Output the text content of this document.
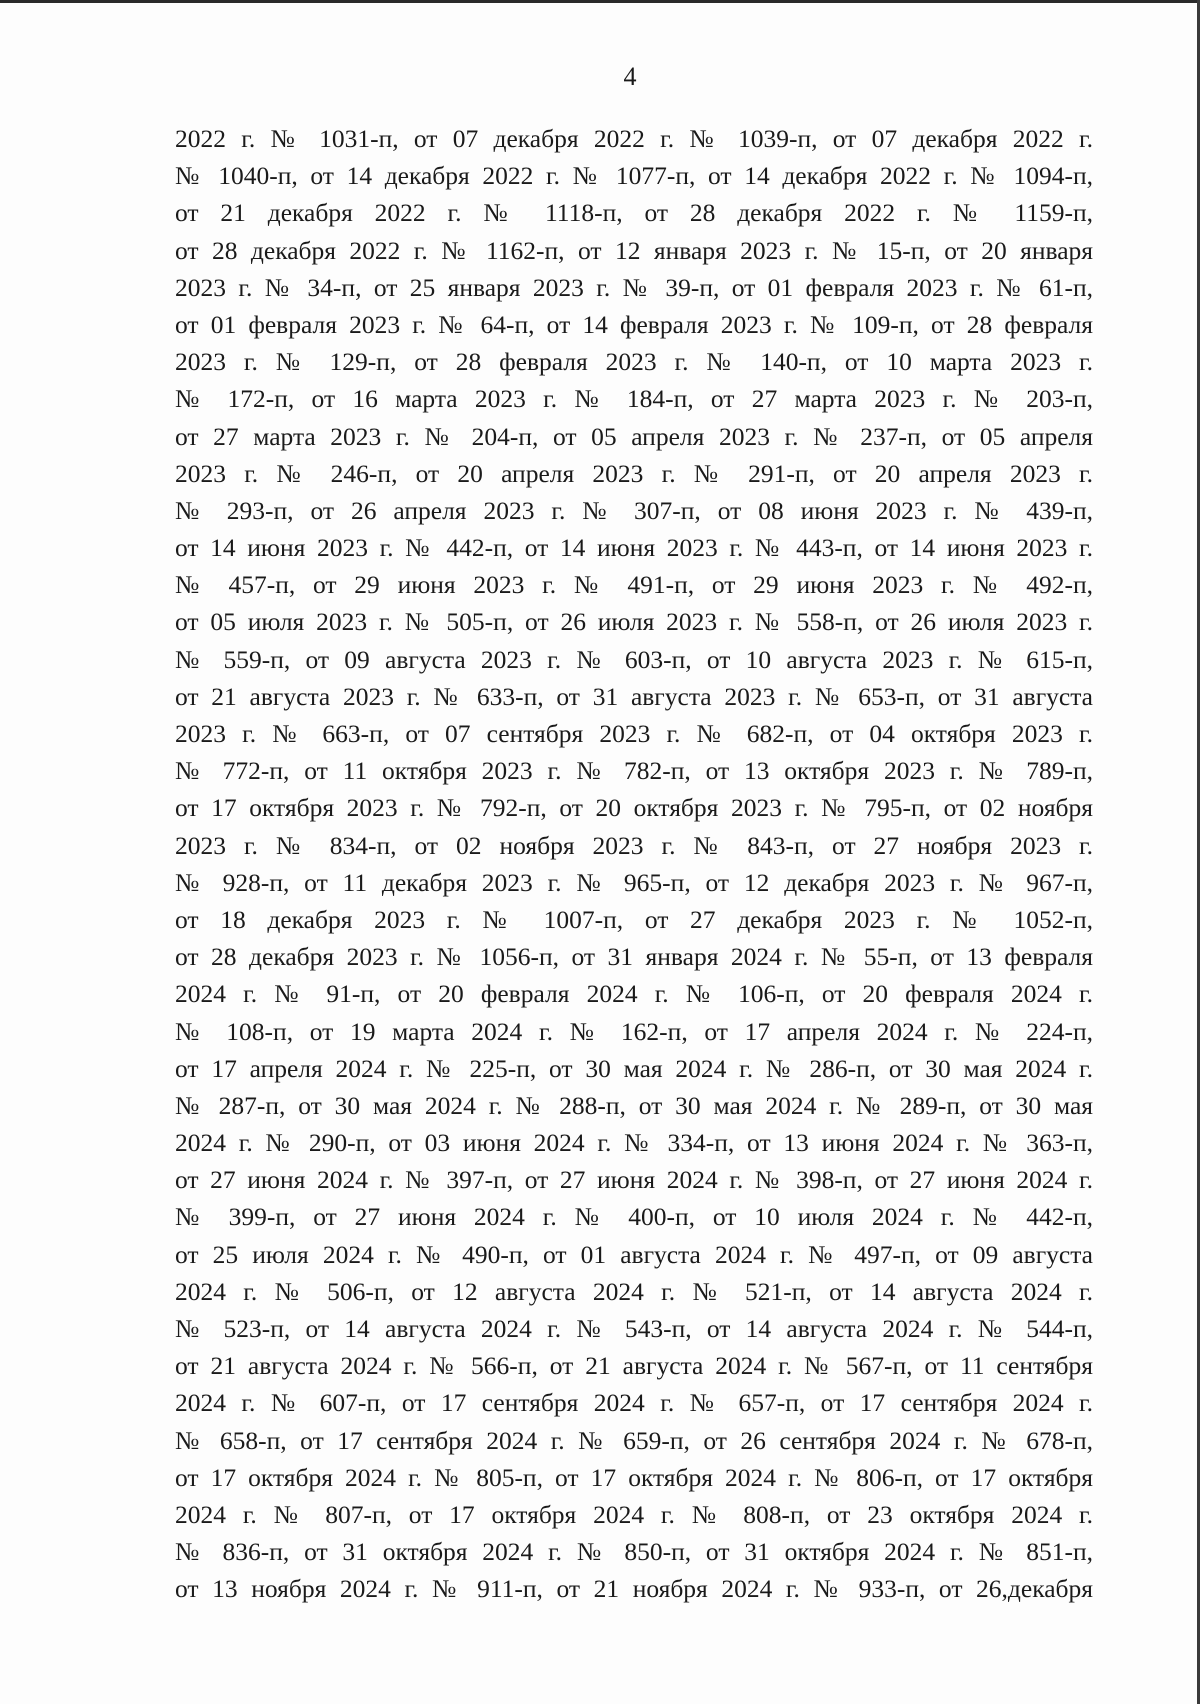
4
2022 г. № 1031-п, от 07 декабря 2022 г. № 1039-п, от 07 декабря 2022 г.
№ 1040-п, от 14 декабря 2022 г. № 1077-п, от 14 декабря 2022 г. № 1094-п,
от 21 декабря 2022 г. № 1118-п, от 28 декабря 2022 г. № 1159-п,
от 28 декабря 2022 г. № 1162-п, от 12 января 2023 г. № 15-п, от 20 января
2023 г. № 34-п, от 25 января 2023 г. № 39-п, от 01 февраля 2023 г. № 61-п,
от 01 февраля 2023 г. № 64-п, от 14 февраля 2023 г. № 109-п, от 28 февраля
2023 г. № 129-п, от 28 февраля 2023 г. № 140-п, от 10 марта 2023 г.
№ 172-п, от 16 марта 2023 г. № 184-п, от 27 марта 2023 г. № 203-п,
от 27 марта 2023 г. № 204-п, от 05 апреля 2023 г. № 237-п, от 05 апреля
2023 г. № 246-п, от 20 апреля 2023 г. № 291-п, от 20 апреля 2023 г.
№ 293-п, от 26 апреля 2023 г. № 307-п, от 08 июня 2023 г. № 439-п,
от 14 июня 2023 г. № 442-п, от 14 июня 2023 г. № 443-п, от 14 июня 2023 г.
№ 457-п, от 29 июня 2023 г. № 491-п, от 29 июня 2023 г. № 492-п,
от 05 июля 2023 г. № 505-п, от 26 июля 2023 г. № 558-п, от 26 июля 2023 г.
№ 559-п, от 09 августа 2023 г. № 603-п, от 10 августа 2023 г. № 615-п,
от 21 августа 2023 г. № 633-п, от 31 августа 2023 г. № 653-п, от 31 августа
2023 г. № 663-п, от 07 сентября 2023 г. № 682-п, от 04 октября 2023 г.
№ 772-п, от 11 октября 2023 г. № 782-п, от 13 октября 2023 г. № 789-п,
от 17 октября 2023 г. № 792-п, от 20 октября 2023 г. № 795-п, от 02 ноября
2023 г. № 834-п, от 02 ноября 2023 г. № 843-п, от 27 ноября 2023 г.
№ 928-п, от 11 декабря 2023 г. № 965-п, от 12 декабря 2023 г. № 967-п,
от 18 декабря 2023 г. № 1007-п, от 27 декабря 2023 г. № 1052-п,
от 28 декабря 2023 г. № 1056-п, от 31 января 2024 г. № 55-п, от 13 февраля
2024 г. № 91-п, от 20 февраля 2024 г. № 106-п, от 20 февраля 2024 г.
№ 108-п, от 19 марта 2024 г. № 162-п, от 17 апреля 2024 г. № 224-п,
от 17 апреля 2024 г. № 225-п, от 30 мая 2024 г. № 286-п, от 30 мая 2024 г.
№ 287-п, от 30 мая 2024 г. № 288-п, от 30 мая 2024 г. № 289-п, от 30 мая
2024 г. № 290-п, от 03 июня 2024 г. № 334-п, от 13 июня 2024 г. № 363-п,
от 27 июня 2024 г. № 397-п, от 27 июня 2024 г. № 398-п, от 27 июня 2024 г.
№ 399-п, от 27 июня 2024 г. № 400-п, от 10 июля 2024 г. № 442-п,
от 25 июля 2024 г. № 490-п, от 01 августа 2024 г. № 497-п, от 09 августа
2024 г. № 506-п, от 12 августа 2024 г. № 521-п, от 14 августа 2024 г.
№ 523-п, от 14 августа 2024 г. № 543-п, от 14 августа 2024 г. № 544-п,
от 21 августа 2024 г. № 566-п, от 21 августа 2024 г. № 567-п, от 11 сентября
2024 г. № 607-п, от 17 сентября 2024 г. № 657-п, от 17 сентября 2024 г.
№ 658-п, от 17 сентября 2024 г. № 659-п, от 26 сентября 2024 г. № 678-п,
от 17 октября 2024 г. № 805-п, от 17 октября 2024 г. № 806-п, от 17 октября
2024 г. № 807-п, от 17 октября 2024 г. № 808-п, от 23 октября 2024 г.
№ 836-п, от 31 октября 2024 г. № 850-п, от 31 октября 2024 г. № 851-п,
от 13 ноября 2024 г. № 911-п, от 21 ноября 2024 г. № 933-п, от 26,декабря
